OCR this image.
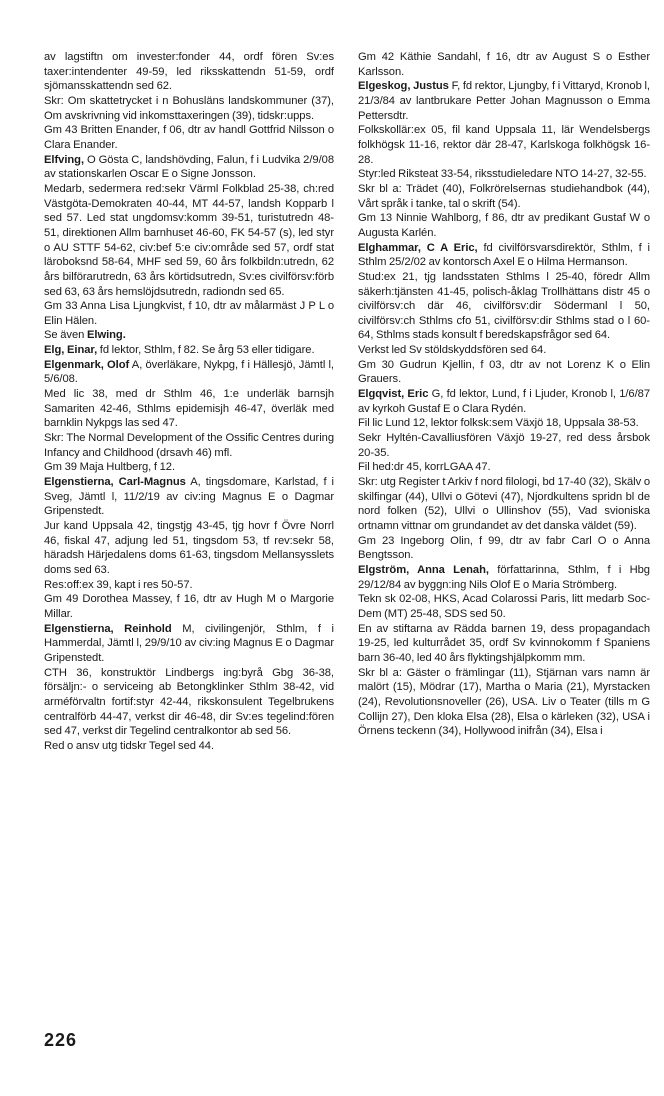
av lagstiftn om invester:fonder 44, ordf fören Sv:es taxer:intendenter 49-59, led riksskattendn 51-59, ordf sjömansskattendn sed 62.

Skr: Om skattetrycket i n Bohusläns landskommuner (37), Om avskrivning vid inkomsttaxeringen (39), tidskr:upps.

Gm 43 Britten Enander, f 06, dtr av handl Gottfrid Nilsson o Clara Enander.

Elfving, O Gösta C, landshövding, Falun, f i Ludvika 2/9/08 av stationskarlen Oscar E o Signe Jonsson.

Medarb, sedermera red:sekr Värml Folkblad 25-38, ch:red Västgöta-Demokraten 40-44, MT 44-57, landsh Kopparb l sed 57. Led stat ungdomsv:komm 39-51, turistutredn 48-51, direktionen Allm barnhuset 46-60, FK 54-57 (s), led styr o AU STTF 54-62, civ:bef 5:e civ:område sed 57, ordf stat läroboksnd 58-64, MHF sed 59, 60 års folkbildn:utredn, 62 års bilförarutredn, 63 års körtidsutredn, Sv:es civilförsv:förb sed 63, 63 års hemslöjdsutredn, radiondn sed 65.

Gm 33 Anna Lisa Ljungkvist, f 10, dtr av målarmäst J P L o Elin Hälen.

Se även Elwing.

Elg, Einar, fd lektor, Sthlm, f 82. Se årg 53 eller tidigare.

Elgenmark, Olof A, överläkare, Nykpg, f i Hällesjö, Jämtl l, 5/6/08.

Med lic 38, med dr Sthlm 46, 1:e underläk barnsjh Samariten 42-46, Sthlms epidemisjh 46-47, överläk med barnklin Nykpgs las sed 47.

Skr: The Normal Development of the Ossific Centres during Infancy and Childhood (drsavh 46) mfl.

Gm 39 Maja Hultberg, f 12.

Elgenstierna, Carl-Magnus A, tingsdomare, Karlstad, f i Sveg, Jämtl l, 11/2/19 av civ:ing Magnus E o Dagmar Gripenstedt.

Jur kand Uppsala 42, tingstjg 43-45, tjg hovr f Övre Norrl 46, fiskal 47, adjung led 51, tingsdom 53, tf rev:sekr 58, häradsh Härjedalens doms 61-63, tingsdom Mellansysslets doms sed 63.

Res:off:ex 39, kapt i res 50-57.

Gm 49 Dorothea Massey, f 16, dtr av Hugh M o Margorie Millar.

Elgenstierna, Reinhold M, civilingenjör, Sthlm, f i Hammerdal, Jämtl l, 29/9/10 av civ:ing Magnus E o Dagmar Gripenstedt.

CTH 36, konstruktör Lindbergs ing:byrå Gbg 36-38, försäljn:- o serviceing ab Betongklinker Sthlm 38-42, vid arméförvaltn fortif:styr 42-44, rikskonsulent Tegelbrukens centralförb 44-47, verkst dir 46-48, dir Sv:es tegelind:fören sed 47, verkst dir Tegelind centralkontor ab sed 56.

Red o ansv utg tidskr Tegel sed 44.

Gm 42 Käthie Sandahl, f 16, dtr av August S o Esther Karlsson.

Elgeskog, Justus F, fd rektor, Ljungby, f i Vittaryd, Kronob l, 21/3/84 av lantbrukare Petter Johan Magnusson o Emma Pettersdtr.

Folkskollär:ex 05, fil kand Uppsala 11, lär Wendelsbergs folkhögsk 11-16, rektor där 28-47, Karlskoga folkhögsk 16-28.

Styr:led Riksteat 33-54, riksstudieledare NTO 14-27, 32-55.

Skr bl a: Trädet (40), Folkrörelsernas studiehandbok (44), Vårt språk i tanke, tal o skrift (54).

Gm 13 Ninnie Wahlborg, f 86, dtr av predikant Gustaf W o Augusta Karlén.

Elghammar, C A Eric, fd civilförsvarsdirektör, Sthlm, f i Sthlm 25/2/02 av kontorsch Axel E o Hilma Hermanson.

Stud:ex 21, tjg landsstaten Sthlms l 25-40, föredr Allm säkerh:tjänsten 41-45, polisch-åklag Trollhättans distr 45 o civilförsv:ch där 46, civilförsv:dir Södermanl l 50, civilförsv:ch Sthlms cfo 51, civilförsv:dir Sthlms stad o l 60-64, Sthlms stads konsult f beredskapsfrågor sed 64.

Verkst led Sv stöldskyddsfören sed 64.

Gm 30 Gudrun Kjellin, f 03, dtr av not Lorenz K o Elin Grauers.

Elgqvist, Eric G, fd lektor, Lund, f i Ljuder, Kronob l, 1/6/87 av kyrkoh Gustaf E o Clara Rydén.

Fil lic Lund 12, lektor folksk:sem Växjö 18, Uppsala 38-53.

Sekr Hyltén-Cavalliusfören Växjö 19-27, red dess årsbok 20-35.

Fil hed:dr 45, korrLGAA 47.

Skr: utg Register t Arkiv f nord filologi, bd 17-40 (32), Skälv o skilfingar (44), Ullvi o Götevi (47), Njordkultens spridn bl de nord folken (52), Ullvi o Ullinshov (55), Vad svioniska ortnamn vittnar om grundandet av det danska väldet (59).

Gm 23 Ingeborg Olin, f 99, dtr av fabr Carl O o Anna Bengtsson.

Elgström, Anna Lenah, författarinna, Sthlm, f i Hbg 29/12/84 av byggn:ing Nils Olof E o Maria Strömberg.

Tekn sk 02-08, HKS, Acad Colarossi Paris, litt medarb Soc-Dem (MT) 25-48, SDS sed 50.

En av stiftarna av Rädda barnen 19, dess propagandach 19-25, led kulturrådet 35, ordf Sv kvinnokomm f Spaniens barn 36-40, led 40 års flyktingshjälpkomm mm.

Skr bl a: Gäster o främlingar (11), Stjärnan vars namn är malört (15), Mödrar (17), Martha o Maria (21), Myrstacken (24), Revolutionsnoveller (26), USA. Liv o Teater (tills m G Collijn 27), Den kloka Elsa (28), Elsa o kärleken (32), USA i Örnens teckenn (34), Hollywood inifrån (34), Elsa i

226
